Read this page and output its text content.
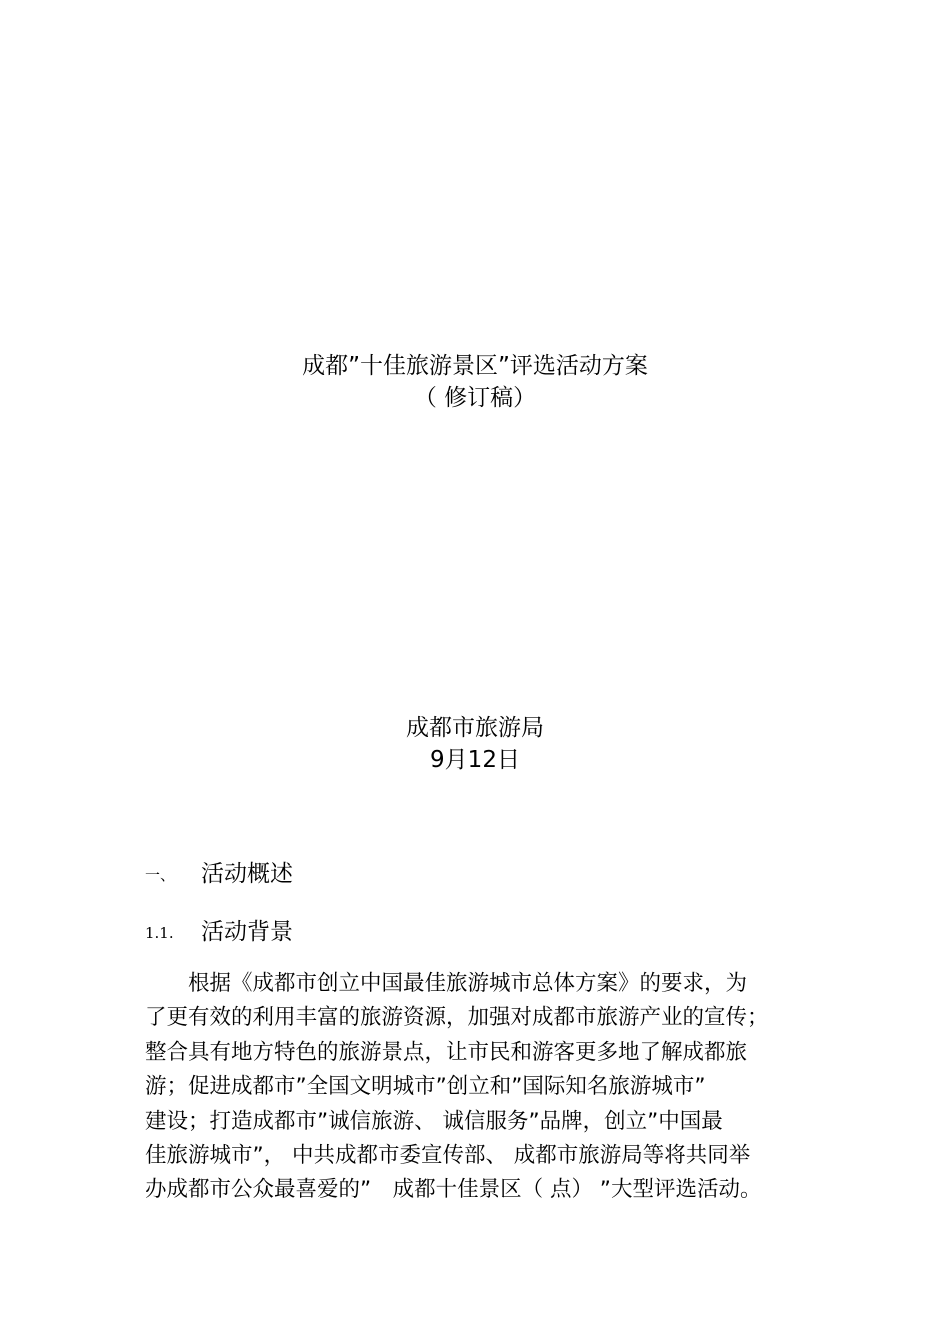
成都”十佳旅游景区”评选活动方案
（ 修订稿）
成都市旅游局
9月12日
一、 活动概述
1.1. 活动背景
　　根据《成都市创立中国最佳旅游城市总体方案》的要求，为
了更有效的利用丰富的旅游资源，加强对成都市旅游产业的宣传；
整合具有地方特色的旅游景点，让市民和游客更多地了解成都旅
游；促进成都市”全国文明城市”创立和”国际知名旅游城市”
建设；打造成都市”诚信旅游、 诚信服务”品牌，创立”中国最
佳旅游城市”， 中共成都市委宣传部、 成都市旅游局等将共同举
办成都市公众最喜爱的”　成都十佳景区（ 点） ”大型评选活动。
